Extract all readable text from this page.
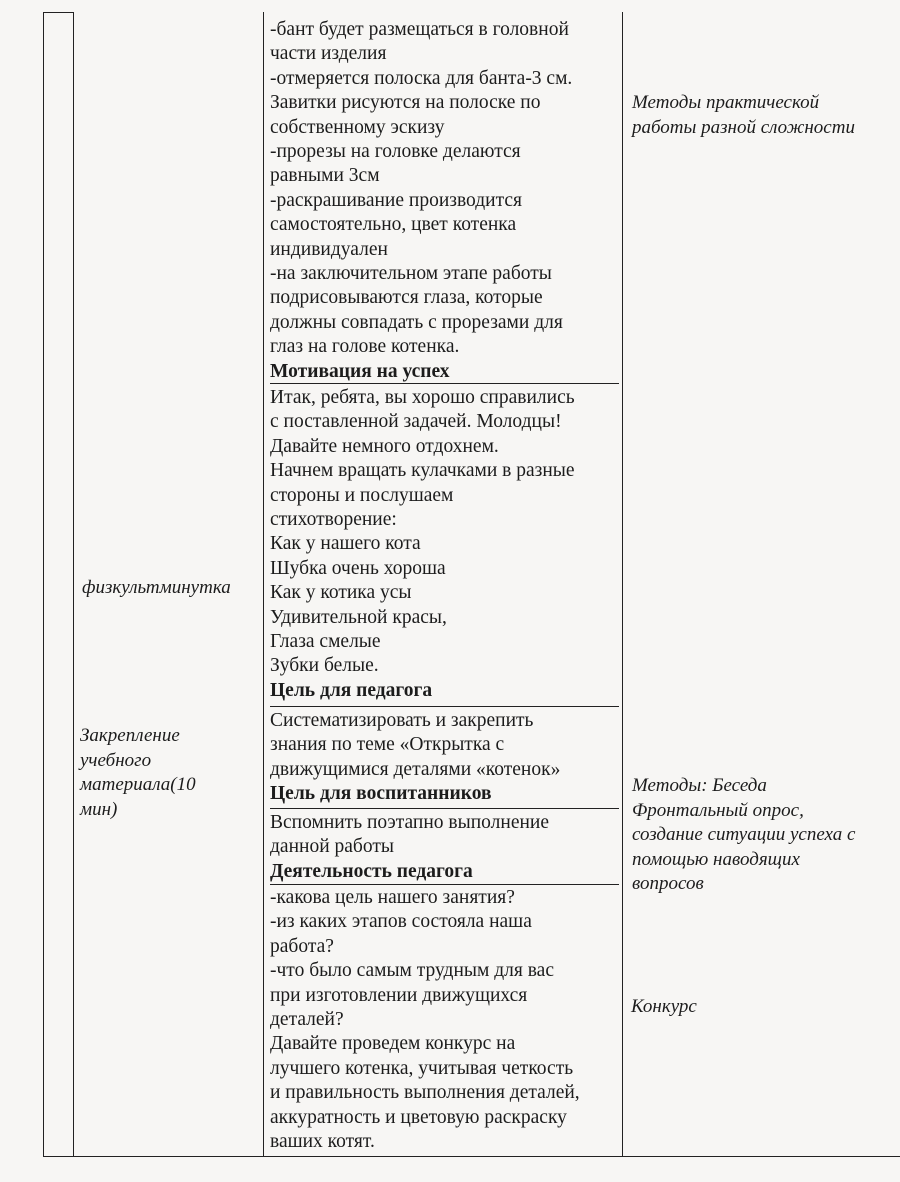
-бант будет размещаться в головной
части изделия
-отмеряется полоска для банта-3 см.
Завитки рисуются на полоске по
собственному эскизу
-прорезы на головке делаются
равными 3см
-раскрашивание производится
самостоятельно, цвет котенка
индивидуален
-на заключительном этапе работы
подрисовываются глаза, которые
должны совпадать с прорезами для
глаз на голове котенка.
Мотивация на успех
Итак, ребята, вы хорошо справились
с поставленной задачей. Молодцы!
Давайте немного отдохнем.
Начнем вращать кулачками в разные
стороны и послушаем
стихотворение:
Как у нашего кота
Шубка очень хороша
Как у котика усы
Удивительной красы,
Глаза смелые
Зубки белые.
Цель для педагога
Систематизировать и закрепить
знания по теме «Открытка с
движущимися деталями «котенок»
Цель для воспитанников
Вспомнить поэтапно выполнение
данной работы
Деятельность педагога
-какова цель нашего занятия?
-из каких этапов состояла наша
работа?
-что было самым трудным для вас
при изготовлении движущихся
деталей?
Давайте проведем конкурс на
лучшего котенка, учитывая четкость
и правильность выполнения деталей,
аккуратность и цветовую раскраску
ваших котят.
физкультминутка
Закрепление
учебного
материала(10
мин)
Методы практической
работы разной сложности
Методы: Беседа
Фронтальный опрос,
создание ситуации успеха с
помощью наводящих
вопросов
Конкурс
